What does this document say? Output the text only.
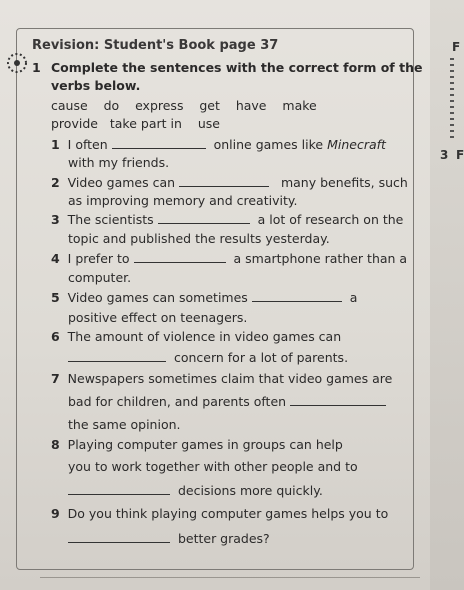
3 F
F
Revision: Student's Book page 37
1 Complete the sentences with the correct form of the
verbs below.
cause do express get have make
provide take part in use
1 I often	online games like Minecraft
with my friends.
2 Video games can	many benefits, such
as improving memory and creativity.
3 The scientists	a lot of research on the
topic and published the results yesterday.
4 I prefer to	a smartphone rather than a
computer.
5 Video games can sometimes	a
positive effect on teenagers.
6 The amount of violence in video games can
concern for a lot of parents.
7 Newspapers sometimes claim that video games are
bad for children, and parents often
the same opinion.
8 Playing computer games in groups can help
you to work together with other people and to
decisions more quickly.
9 Do you think playing computer games helps you to
better grades?
